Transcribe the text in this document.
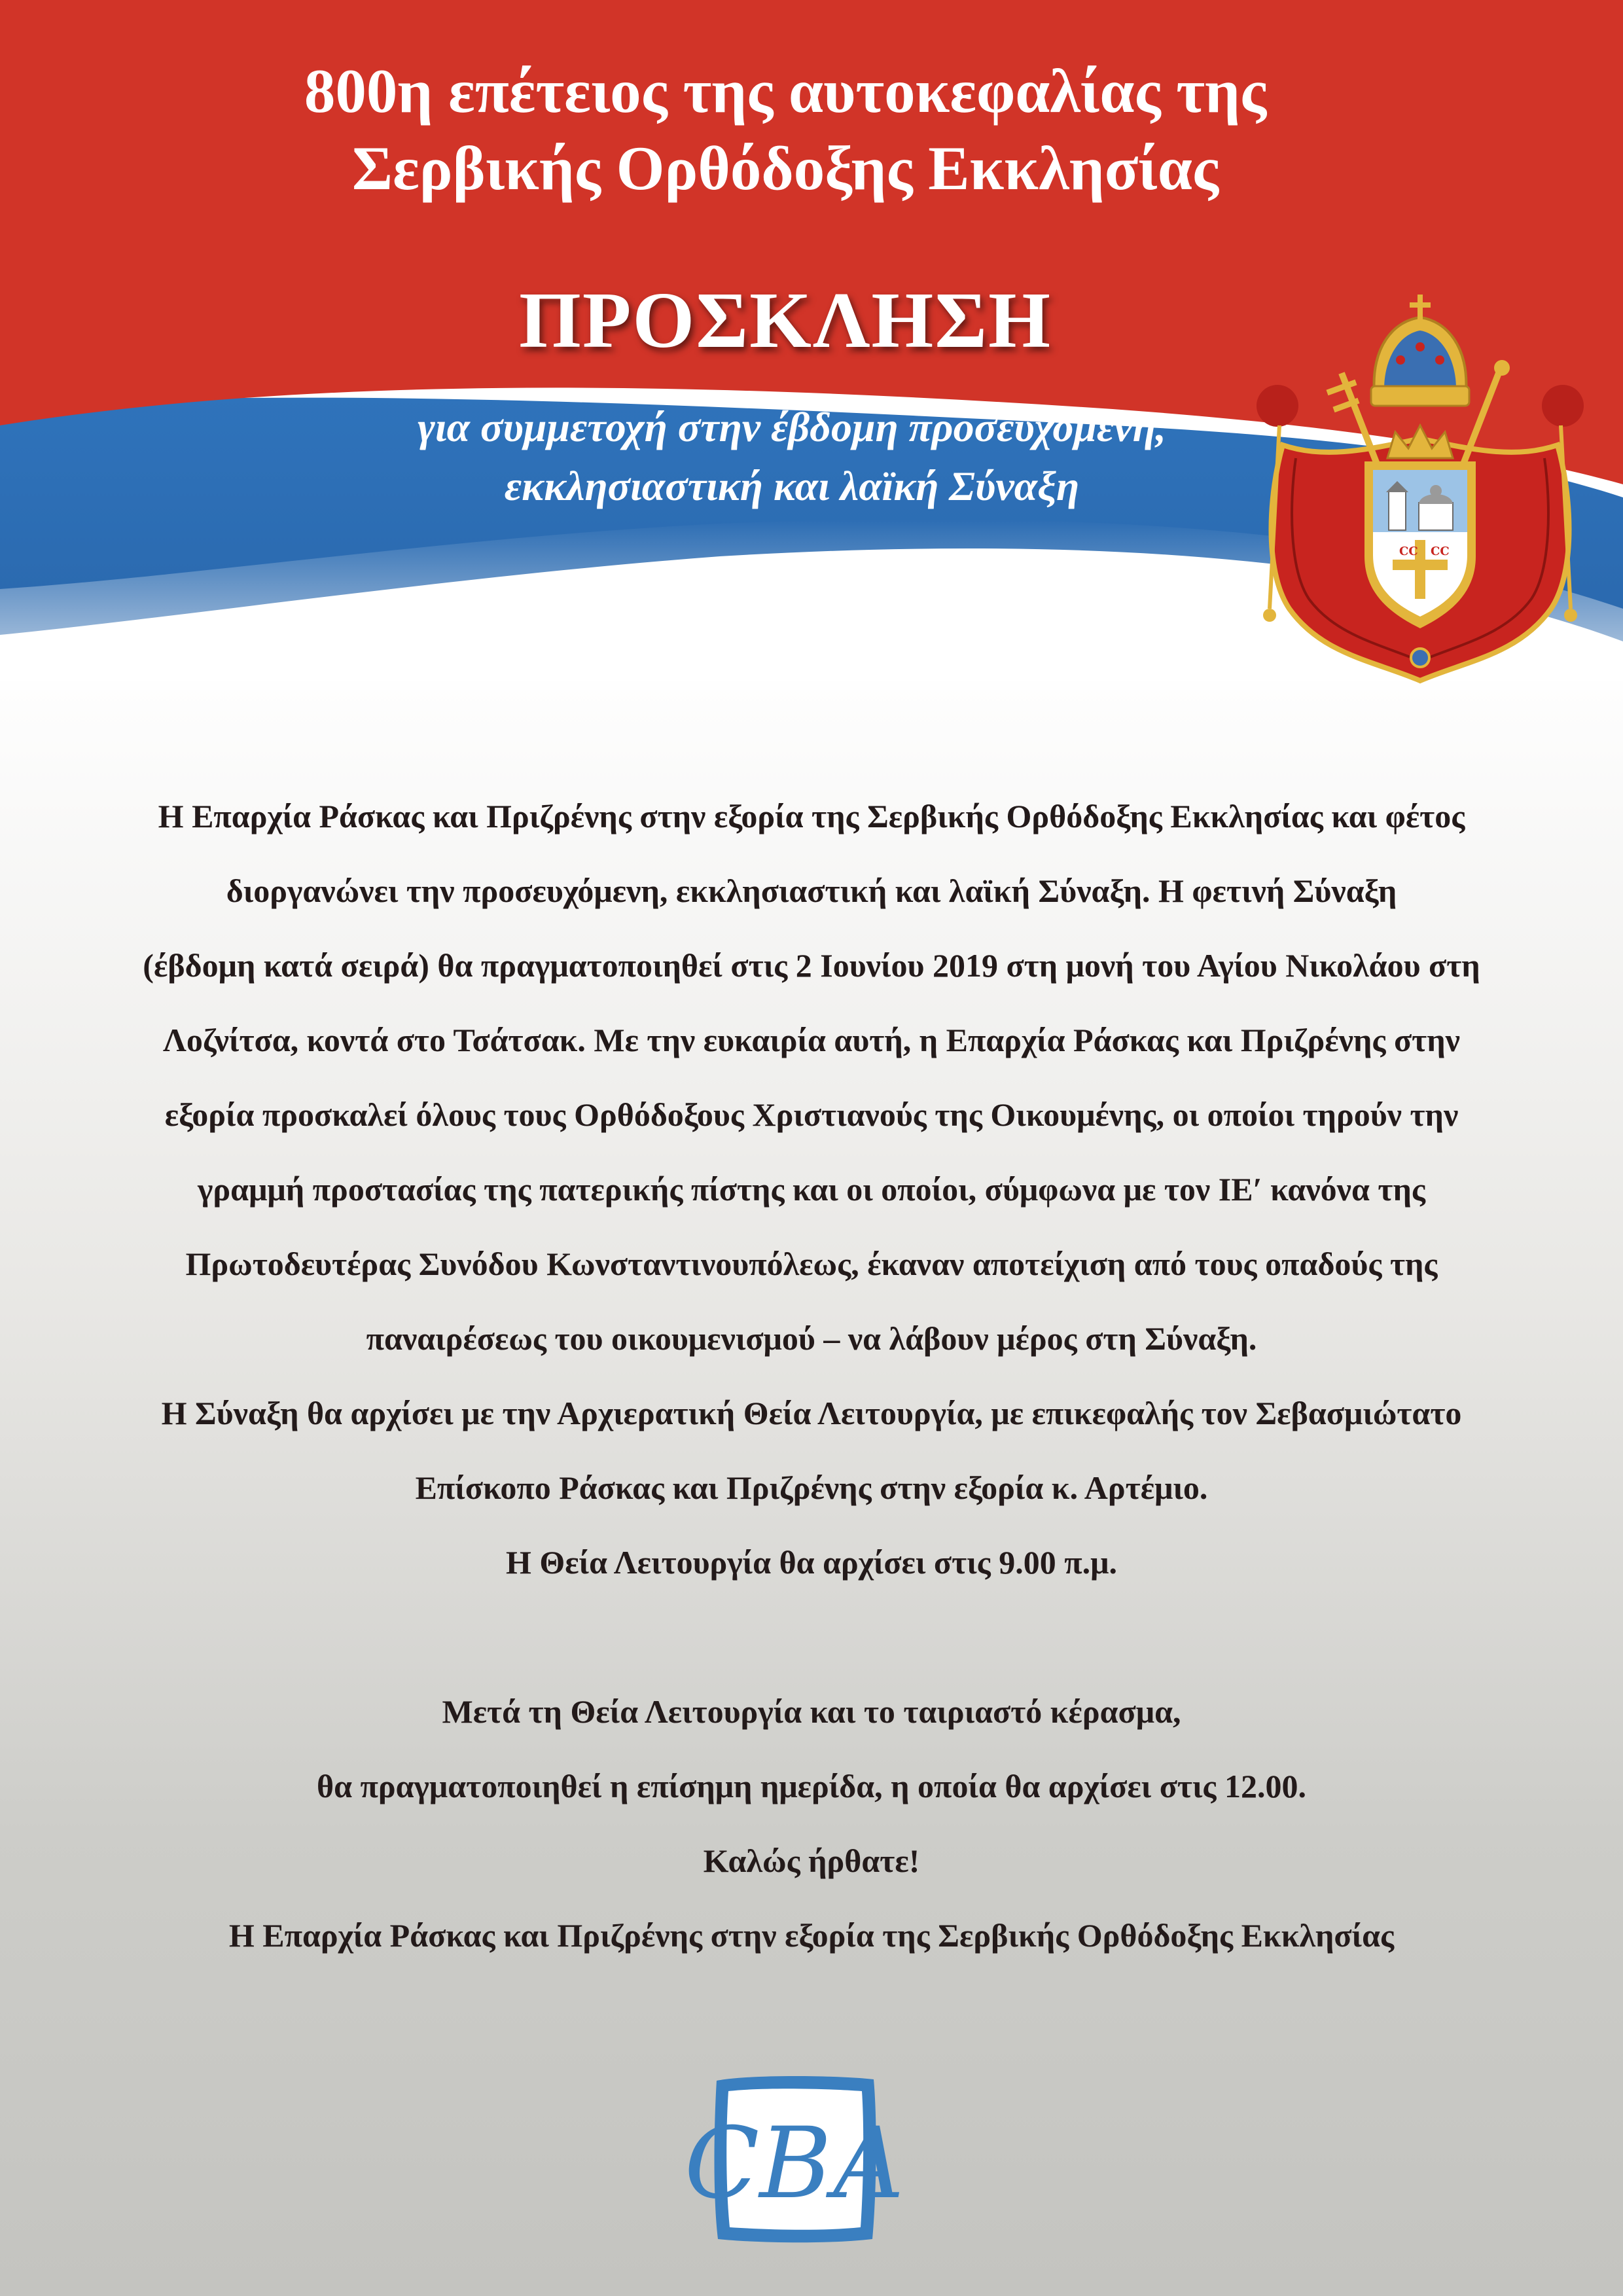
800η επέτειος της αυτοκεφαλίας της
Σερβικής Ορθόδοξης Εκκλησίας
ΠΡΟΣΚΛΗΣΗ
για συμμετοχή στην έβδομη προσευχόμενη,
εκκλησιαστική και λαϊκή Σύναξη
ϹϹ ϹϹ
Η Επαρχία Ράσκας και Πριζρένης στην εξορία της Σερβικής Ορθόδοξης Εκκλησίας και φέτος
διοργανώνει την προσευχόμενη, εκκλησιαστική και λαϊκή Σύναξη. Η φετινή Σύναξη
(έβδομη κατά σειρά) θα πραγματοποιηθεί στις 2 Ιουνίου 2019 στη μονή του Αγίου Νικολάου στη
Λοζνίτσα, κοντά στο Τσάτσακ. Με την ευκαιρία αυτή, η Επαρχία Ράσκας και Πριζρένης στην
εξορία προσκαλεί όλους τους Ορθόδοξους Χριστιανούς της Οικουμένης, οι οποίοι τηρούν την
γραμμή προστασίας της πατερικής πίστης και οι οποίοι, σύμφωνα με τον ΙΕʹ κανόνα της
Πρωτοδευτέρας Συνόδου Κωνσταντινουπόλεως, έκαναν αποτείχιση από τους οπαδούς της
παναιρέσεως του οικουμενισμού – να λάβουν μέρος στη Σύναξη.
Η Σύναξη θα αρχίσει με την Αρχιερατική Θεία Λειτουργία, με επικεφαλής τον Σεβασμιώτατο
Επίσκοπο Ράσκας και Πριζρένης στην εξορία κ. Αρτέμιο.
Η Θεία Λειτουργία θα αρχίσει στις 9.00 π.μ.
Μετά τη Θεία Λειτουργία και το ταιριαστό κέρασμα,
θα πραγματοποιηθεί η επίσημη ημερίδα, η οποία θα αρχίσει στις 12.00.
Καλώς ήρθατε!
Η Επαρχία Ράσκας και Πριζρένης στην εξορία της Σερβικής Ορθόδοξης Εκκλησίας
СВА
